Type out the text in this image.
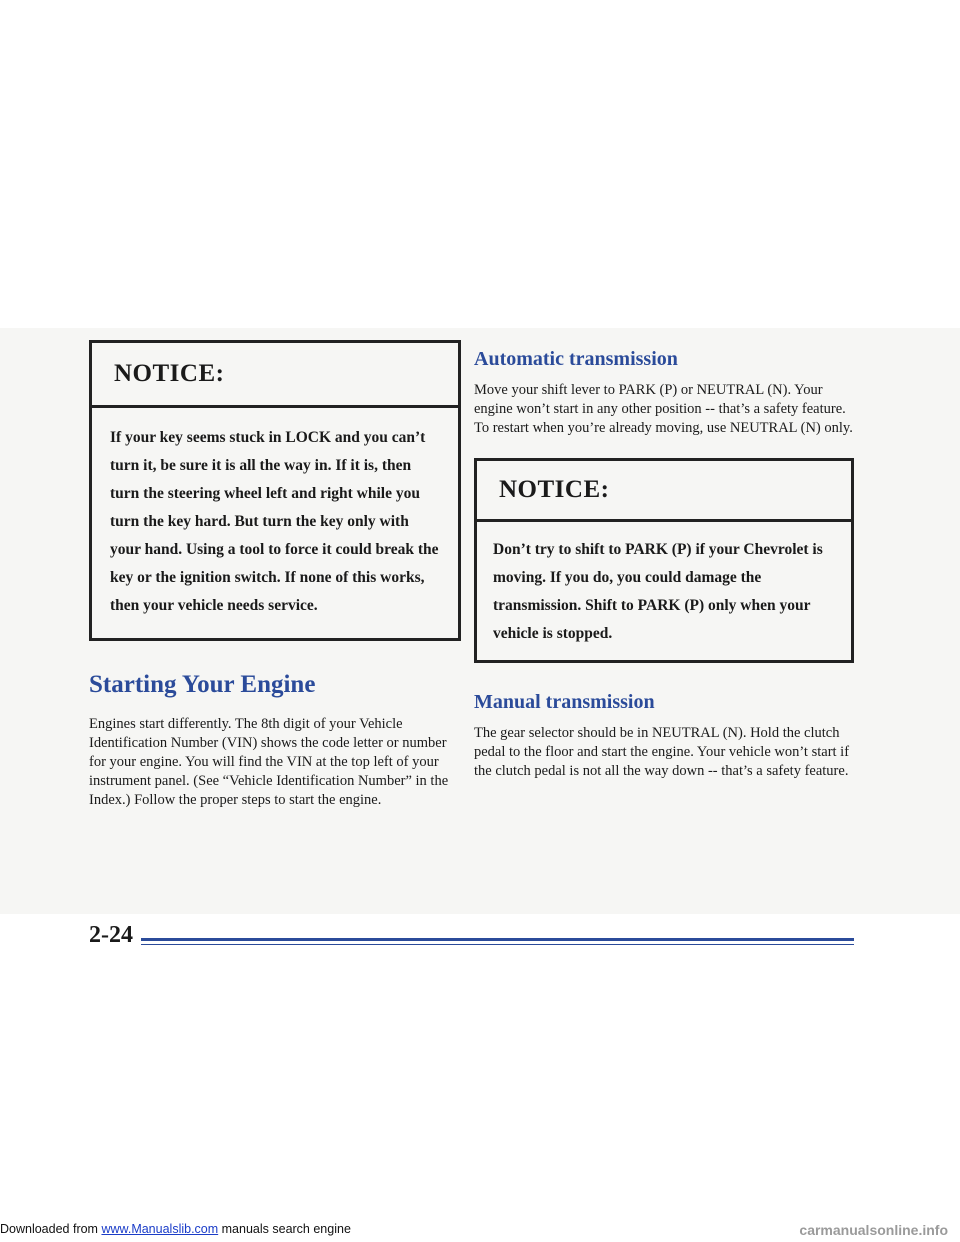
NOTICE:
If your key seems stuck in LOCK and you can’t turn it, be sure it is all the way in. If it is, then turn the steering wheel left and right while you turn the key hard. But turn the key only with your hand. Using a tool to force it could break the key or the ignition switch. If none of this works, then your vehicle needs service.
Starting Your Engine

Engines start differently. The 8th digit of your Vehicle Identification Number (VIN) shows the code letter or number for your engine. You will find the VIN at the top left of your instrument panel. (See “Vehicle Identification Number” in the Index.) Follow the proper steps to start the engine.

Automatic transmission

Move your shift lever to PARK (P) or NEUTRAL (N). Your engine won’t start in any other position -- that’s a safety feature. To restart when you’re already moving, use NEUTRAL (N) only.

NOTICE:
Don’t try to shift to PARK (P) if your Chevrolet is moving. If you do, you could damage the transmission. Shift to PARK (P) only when your vehicle is stopped.
Manual transmission

The gear selector should be in NEUTRAL (N). Hold the clutch pedal to the floor and start the engine. Your vehicle won’t start if the clutch pedal is not all the way down -- that’s a safety feature.

2-24
Downloaded from www.Manualslib.com manuals search engine	carmanualsonline.info
